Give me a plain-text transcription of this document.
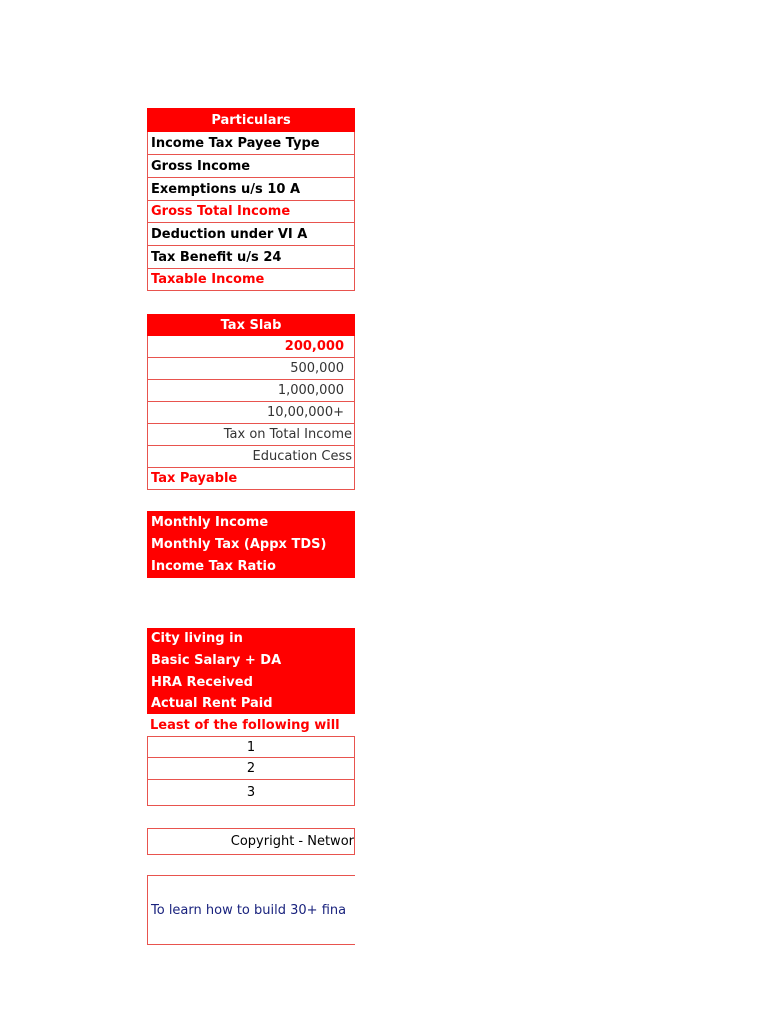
Particulars
Income Tax Payee Type
Gross Income
Exemptions u/s 10 A
Gross Total Income
Deduction under VI A
Tax Benefit u/s 24
Taxable Income
Tax Slab
200,000
500,000
1,000,000
10,00,000+
Tax on Total Income
Education Cess
Tax Payable
Monthly Income
Monthly Tax (Appx TDS)
Income Tax Ratio
City living in
Basic Salary + DA
HRA Received
Actual Rent Paid
Least of the following will
1
2
3
Copyright - Networ
To learn how to build 30+ fina
